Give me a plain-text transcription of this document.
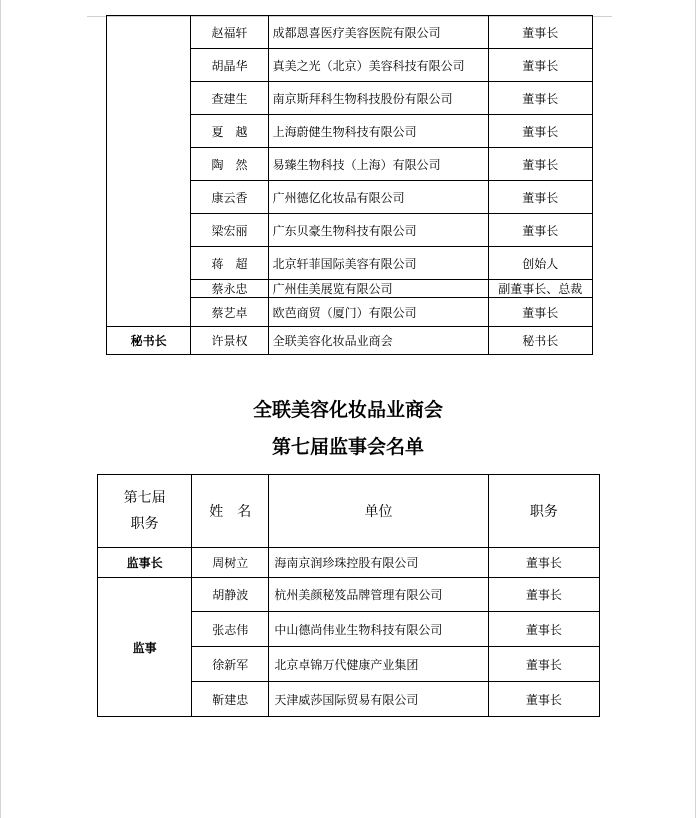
	赵福轩	成都恩喜医疗美容医院有限公司	董事长
	胡晶华	真美之光（北京）美容科技有限公司	董事长
	查建生	南京斯拜科生物科技股份有限公司	董事长
	夏　越	上海蔚健生物科技有限公司	董事长
	陶　然	易臻生物科技（上海）有限公司	董事长
	康云香	广州德亿化妆品有限公司	董事长
	梁宏丽	广东贝豪生物科技有限公司	董事长
	蒋　超	北京轩菲国际美容有限公司	创始人
	蔡永忠	广州佳美展览有限公司	副董事长、总裁
	蔡艺卓	欧芭商贸（厦门）有限公司	董事长
秘书长	许景权	全联美容化妆品业商会	秘书长
全联美容化妆品业商会
第七届监事会名单
第七届
职务	姓　名	单位	职务
监事长	周树立	海南京润珍珠控股有限公司	董事长
监事	胡静波	杭州美颜秘笈品牌管理有限公司	董事长
	张志伟	中山德尚伟业生物科技有限公司	董事长
	徐新军	北京卓锦万代健康产业集团	董事长
	靳建忠	天津威莎国际贸易有限公司	董事长
